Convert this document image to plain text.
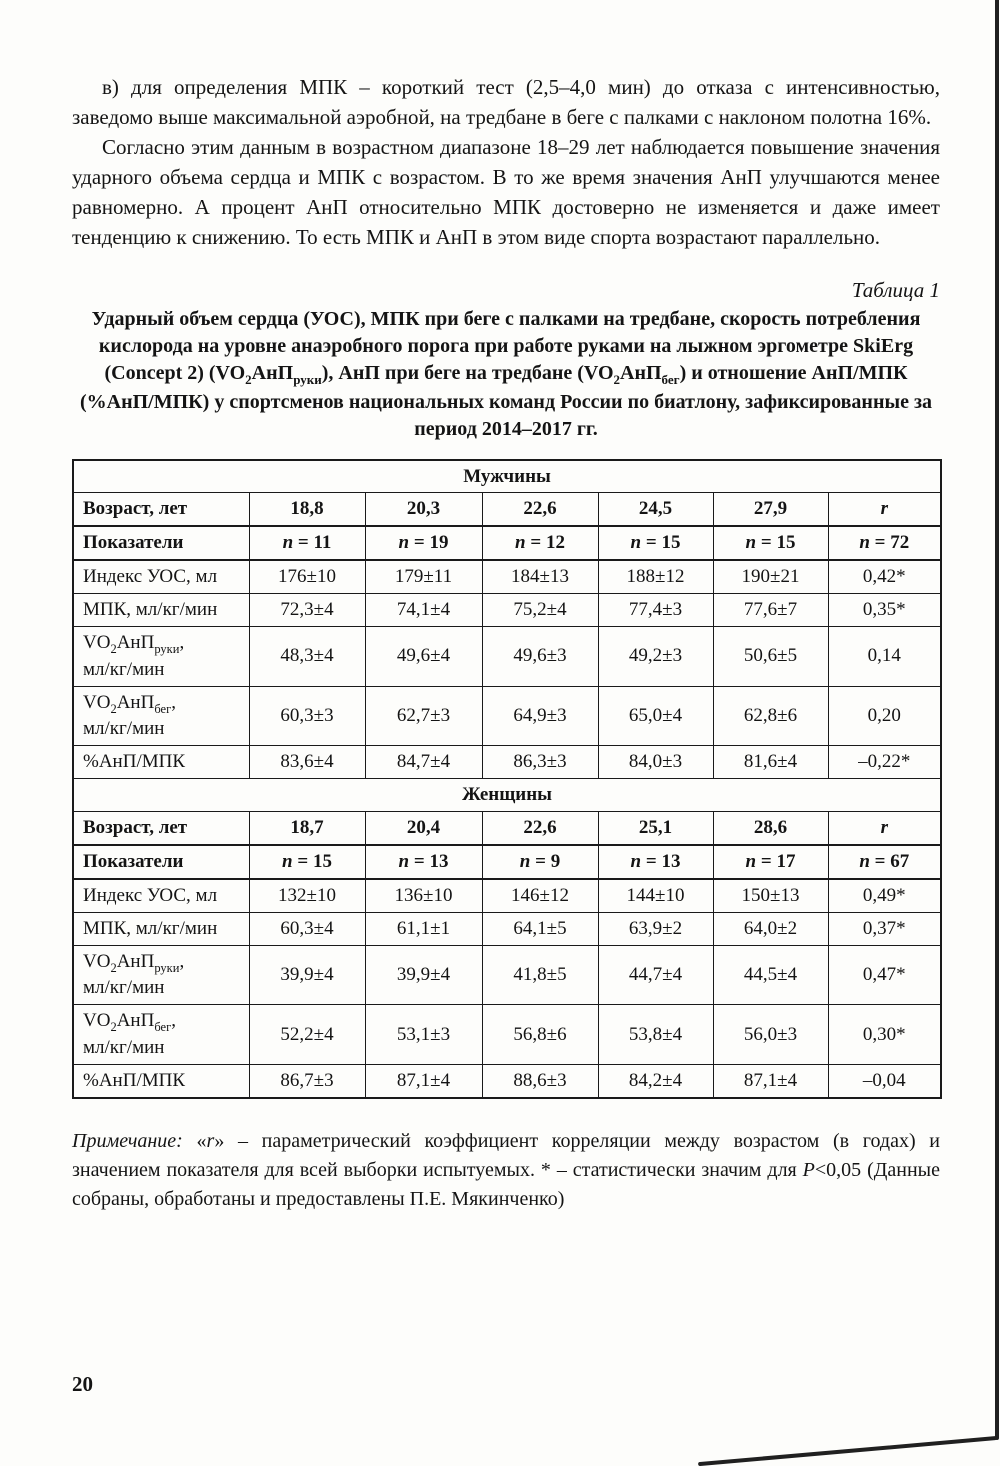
в) для определения МПК – короткий тест (2,5–4,0 мин) до отказа с интенсивностью, заведомо выше максимальной аэробной, на тредбане в беге с палками с наклоном полотна 16%.

Согласно этим данным в возрастном диапазоне 18–29 лет наблюдается повышение значения ударного объема сердца и МПК с возрастом. В то же время значения АнП улучшаются менее равномерно. А процент АнП относительно МПК достоверно не изменяется и даже имеет тенденцию к снижению. То есть МПК и АнП в этом виде спорта возрастают параллельно.

Таблица 1
Ударный объем сердца (УОС), МПК при беге с палками на тредбане, скорость потребления кислорода на уровне анаэробного порога при работе руками на лыжном эргометре SkiErg (Concept 2) $(VO_2АнП_{руки})$, АнП при беге на тредбане $(VO_2АнП_{бег})$ и отношение АнП/МПК (%АнП/МПК) у спортсменов национальных команд России по биатлону, зафиксированные за период 2014–2017 гг.
Мужчины						
Возраст, лет	18,8	20,3	22,6	24,5	27,9	r
Показатели	n = 11	n = 19	n = 12	n = 15	n = 15	n = 72
Индекс УОС, мл	176±10	179±11	184±13	188±12	190±21	0,42*
МПК, мл/кг/мин	72,3±4	74,1±4	75,2±4	77,4±3	77,6±7	0,35*
$VO_2АнП_{руки}$,
мл/кг/мин	48,3±4	49,6±4	49,6±3	49,2±3	50,6±5	0,14
$VO_2АнП_{бег}$,
мл/кг/мин	60,3±3	62,7±3	64,9±3	65,0±4	62,8±6	0,20
%АнП/МПК	83,6±4	84,7±4	86,3±3	84,0±3	81,6±4	–0,22*
Женщины						
Возраст, лет	18,7	20,4	22,6	25,1	28,6	r
Показатели	n = 15	n = 13	n = 9	n = 13	n = 17	n = 67
Индекс УОС, мл	132±10	136±10	146±12	144±10	150±13	0,49*
МПК, мл/кг/мин	60,3±4	61,1±1	64,1±5	63,9±2	64,0±2	0,37*
$VO_2АнП_{руки}$,
мл/кг/мин	39,9±4	39,9±4	41,8±5	44,7±4	44,5±4	0,47*
$VO_2АнП_{бег}$,
мл/кг/мин	52,2±4	53,1±3	56,8±6	53,8±4	56,0±3	0,30*
%АнП/МПК	86,7±3	87,1±4	88,6±3	84,2±4	87,1±4	–0,04

Примечание: «r» – параметрический коэффициент корреляции между возрастом (в годах) и значением показателя для всей выборки испытуемых. * – статистически значим для P<0,05 (Данные собраны, обработаны и предоставлены П.Е. Мякинченко)

20
